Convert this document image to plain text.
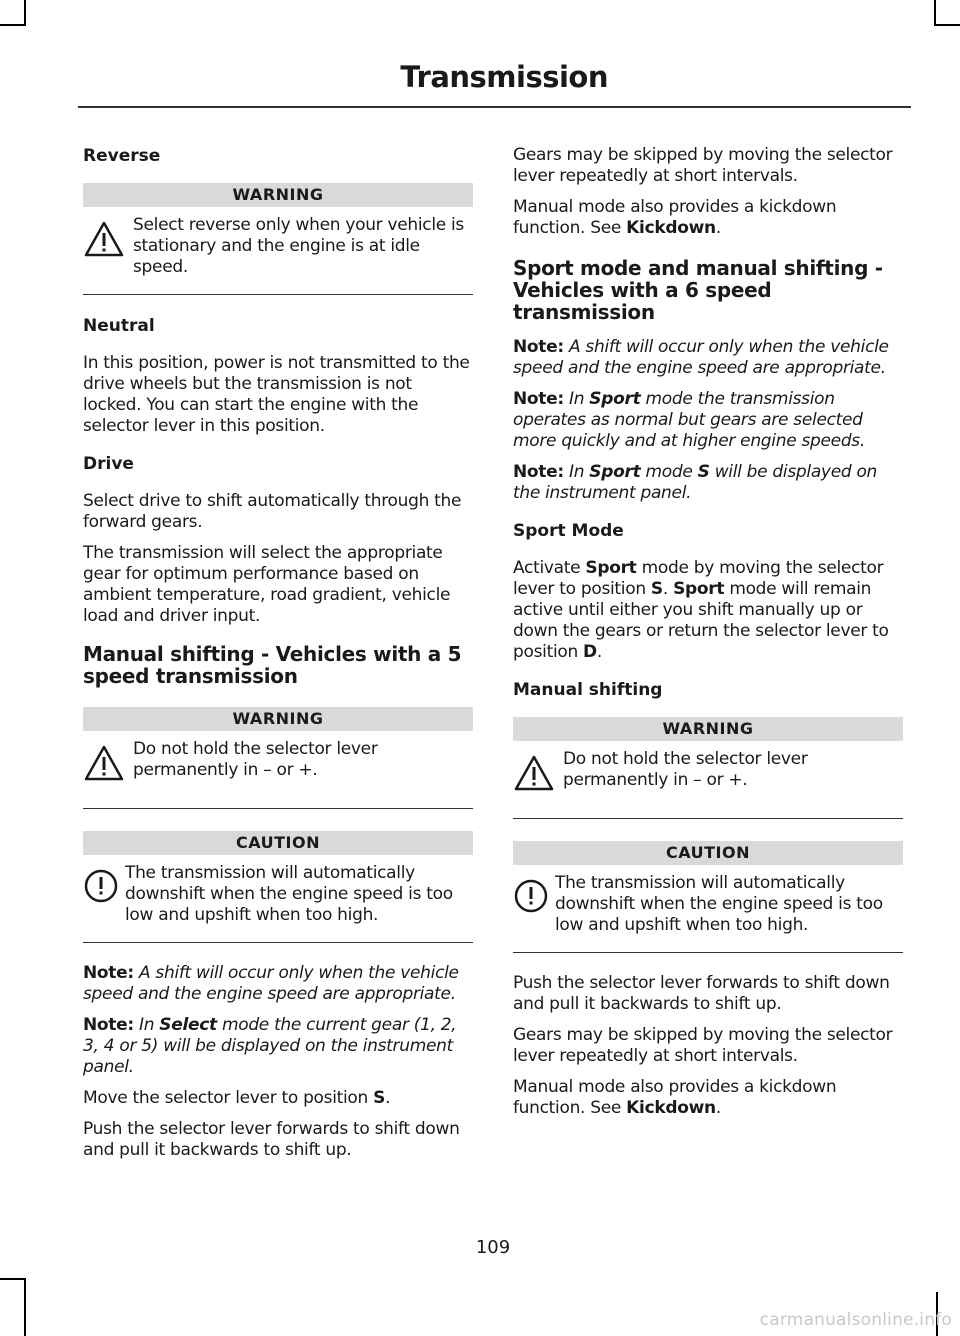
Transmission
Reverse
WARNING
Select reverse only when your vehicle is stationary and the engine is at idle speed.
Neutral
In this position, power is not transmitted to the drive wheels but the transmission is not locked. You can start the engine with the selector lever in this position.
Drive
Select drive to shift automatically through the forward gears.
The transmission will select the appropriate gear for optimum performance based on ambient temperature, road gradient, vehicle load and driver input.
Manual shifting - Vehicles with a 5 speed transmission
WARNING
Do not hold the selector lever permanently in – or +.
CAUTION
The transmission will automatically downshift when the engine speed is too low and upshift when too high.
Note: A shift will occur only when the vehicle speed and the engine speed are appropriate.
Note: In Select mode the current gear (1, 2, 3, 4 or 5) will be displayed on the instrument panel.
Move the selector lever to position S.
Push the selector lever forwards to shift down and pull it backwards to shift up.
Gears may be skipped by moving the selector lever repeatedly at short intervals.
Manual mode also provides a kickdown function. See Kickdown.
Sport mode and manual shifting - Vehicles with a 6 speed transmission
Note: A shift will occur only when the vehicle speed and the engine speed are appropriate.
Note: In Sport mode the transmission operates as normal but gears are selected more quickly and at higher engine speeds.
Note: In Sport mode S will be displayed on the instrument panel.
Sport Mode
Activate Sport mode by moving the selector lever to position S. Sport mode will remain active until either you shift manually up or down the gears or return the selector lever to position D.
Manual shifting
WARNING
Do not hold the selector lever permanently in – or +.
CAUTION
The transmission will automatically downshift when the engine speed is too low and upshift when too high.
Push the selector lever forwards to shift down and pull it backwards to shift up.
Gears may be skipped by moving the selector lever repeatedly at short intervals.
Manual mode also provides a kickdown function. See Kickdown.
109
carmanualsonline.info
